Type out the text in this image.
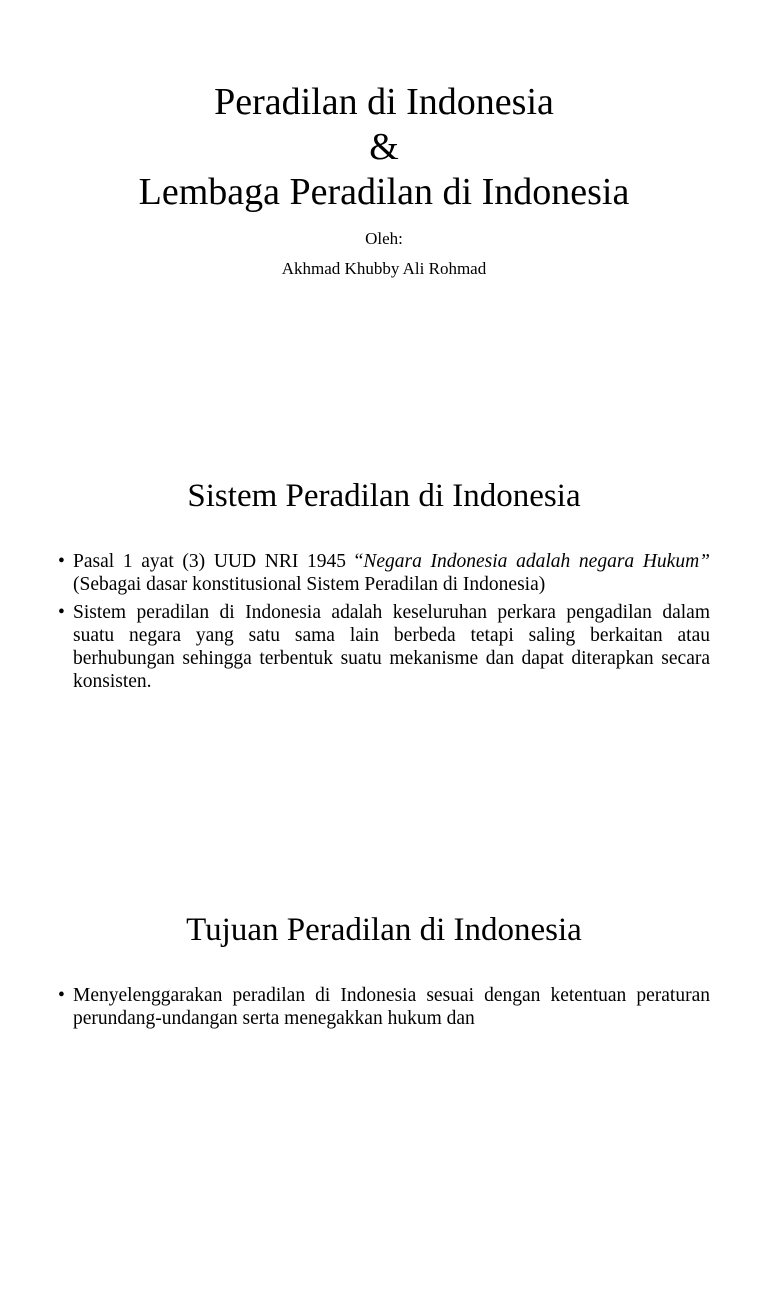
Peradilan di Indonesia
&
Lembaga Peradilan di Indonesia
Oleh:
Akhmad Khubby Ali Rohmad
Sistem Peradilan di Indonesia
• Pasal 1 ayat (3) UUD NRI 1945 “Negara Indonesia adalah negara Hukum” (Sebagai dasar konstitusional Sistem Peradilan di Indonesia)
• Sistem peradilan di Indonesia adalah keseluruhan perkara pengadilan dalam suatu negara yang satu sama lain berbeda tetapi saling berkaitan atau berhubungan sehingga terbentuk suatu mekanisme dan dapat diterapkan secara konsisten.
Tujuan Peradilan di Indonesia
• Menyelenggarakan peradilan di Indonesia sesuai dengan ketentuan peraturan perundang-undangan serta menegakkan hukum dan
